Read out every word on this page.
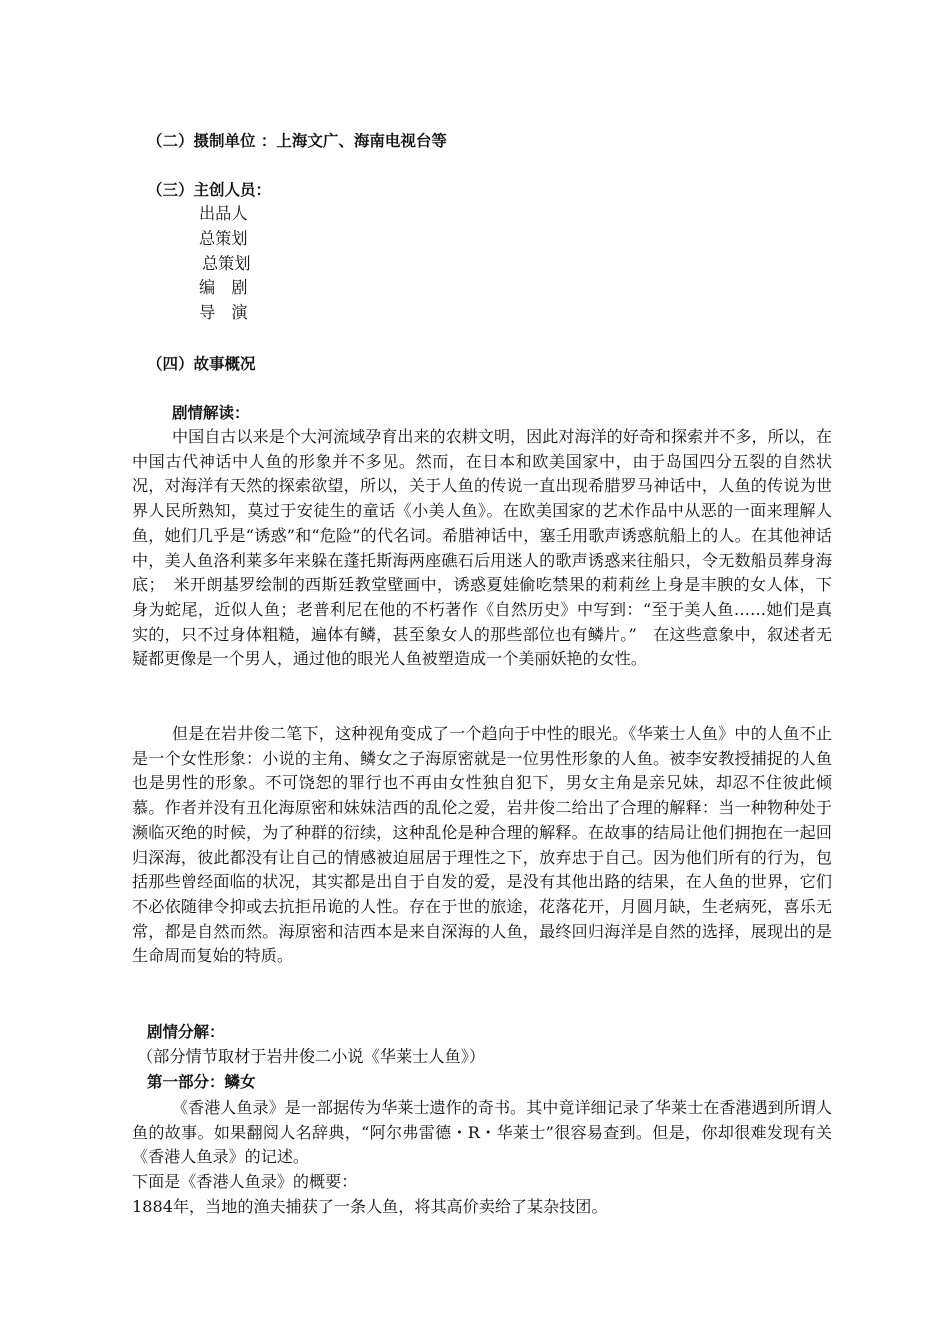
（二）摄制单位 ：上海文广、海南电视台等
（三）主创人员：
出品人
总策划
总策划
编　剧
导　演
（四）故事概况
剧情解读：
中国自古以来是个大河流域孕育出来的农耕文明，因此对海洋的好奇和探索并不多，所以，在中国古代神话中人鱼的形象并不多见。然而，在日本和欧美国家中，由于岛国四分五裂的自然状况，对海洋有天然的探索欲望，所以，关于人鱼的传说一直出现希腊罗马神话中，人鱼的传说为世界人民所熟知，莫过于安徒生的童话《小美人鱼》。在欧美国家的艺术作品中从恶的一面来理解人鱼，她们几乎是“诱惑”和“危险”的代名词。希腊神话中，塞壬用歌声诱惑航船上的人。在其他神话中，美人鱼洛利莱多年来躲在蓬托斯海两座礁石后用迷人的歌声诱惑来往船只，令无数船员葬身海底；　米开朗基罗绘制的西斯廷教堂壁画中，诱惑夏娃偷吃禁果的莉莉丝上身是丰腴的女人体，下身为蛇尾，近似人鱼；老普利尼在他的不朽著作《自然历史》中写到：“至于美人鱼……她们是真实的，只不过身体粗糙，遍体有鳞，甚至象女人的那些部位也有鳞片。”　在这些意象中，叙述者无疑都更像是一个男人，通过他的眼光人鱼被塑造成一个美丽妖艳的女性。
但是在岩井俊二笔下，这种视角变成了一个趋向于中性的眼光。《华莱士人鱼》中的人鱼不止是一个女性形象：小说的主角、鳞女之子海原密就是一位男性形象的人鱼。被李安教授捕捉的人鱼也是男性的形象。不可饶恕的罪行也不再由女性独自犯下，男女主角是亲兄妹，却忍不住彼此倾慕。作者并没有丑化海原密和妹妹洁西的乱伦之爱，岩井俊二给出了合理的解释：当一种物种处于濒临灭绝的时候，为了种群的衍续，这种乱伦是种合理的解释。在故事的结局让他们拥抱在一起回归深海，彼此都没有让自己的情感被迫屈居于理性之下，放弃忠于自己。因为他们所有的行为，包括那些曾经面临的状况，其实都是出自于自发的爱，是没有其他出路的结果，在人鱼的世界，它们不必依随律令抑或去抗拒吊诡的人性。存在于世的旅途，花落花开，月圆月缺，生老病死，喜乐无常，都是自然而然。海原密和洁西本是来自深海的人鱼，最终回归海洋是自然的选择，展现出的是生命周而复始的特质。
剧情分解：
（部分情节取材于岩井俊二小说《华莱士人鱼》）
第一部分：鳞女
《香港人鱼录》是一部据传为华莱士遗作的奇书。其中竟详细记录了华莱士在香港遇到所谓人鱼的故事。如果翻阅人名辞典，“阿尔弗雷德・R・华莱士”很容易查到。但是，你却很难发现有关《香港人鱼录》的记述。
下面是《香港人鱼录》的概要：
1884年，当地的渔夫捕获了一条人鱼，将其高价卖给了某杂技团。
